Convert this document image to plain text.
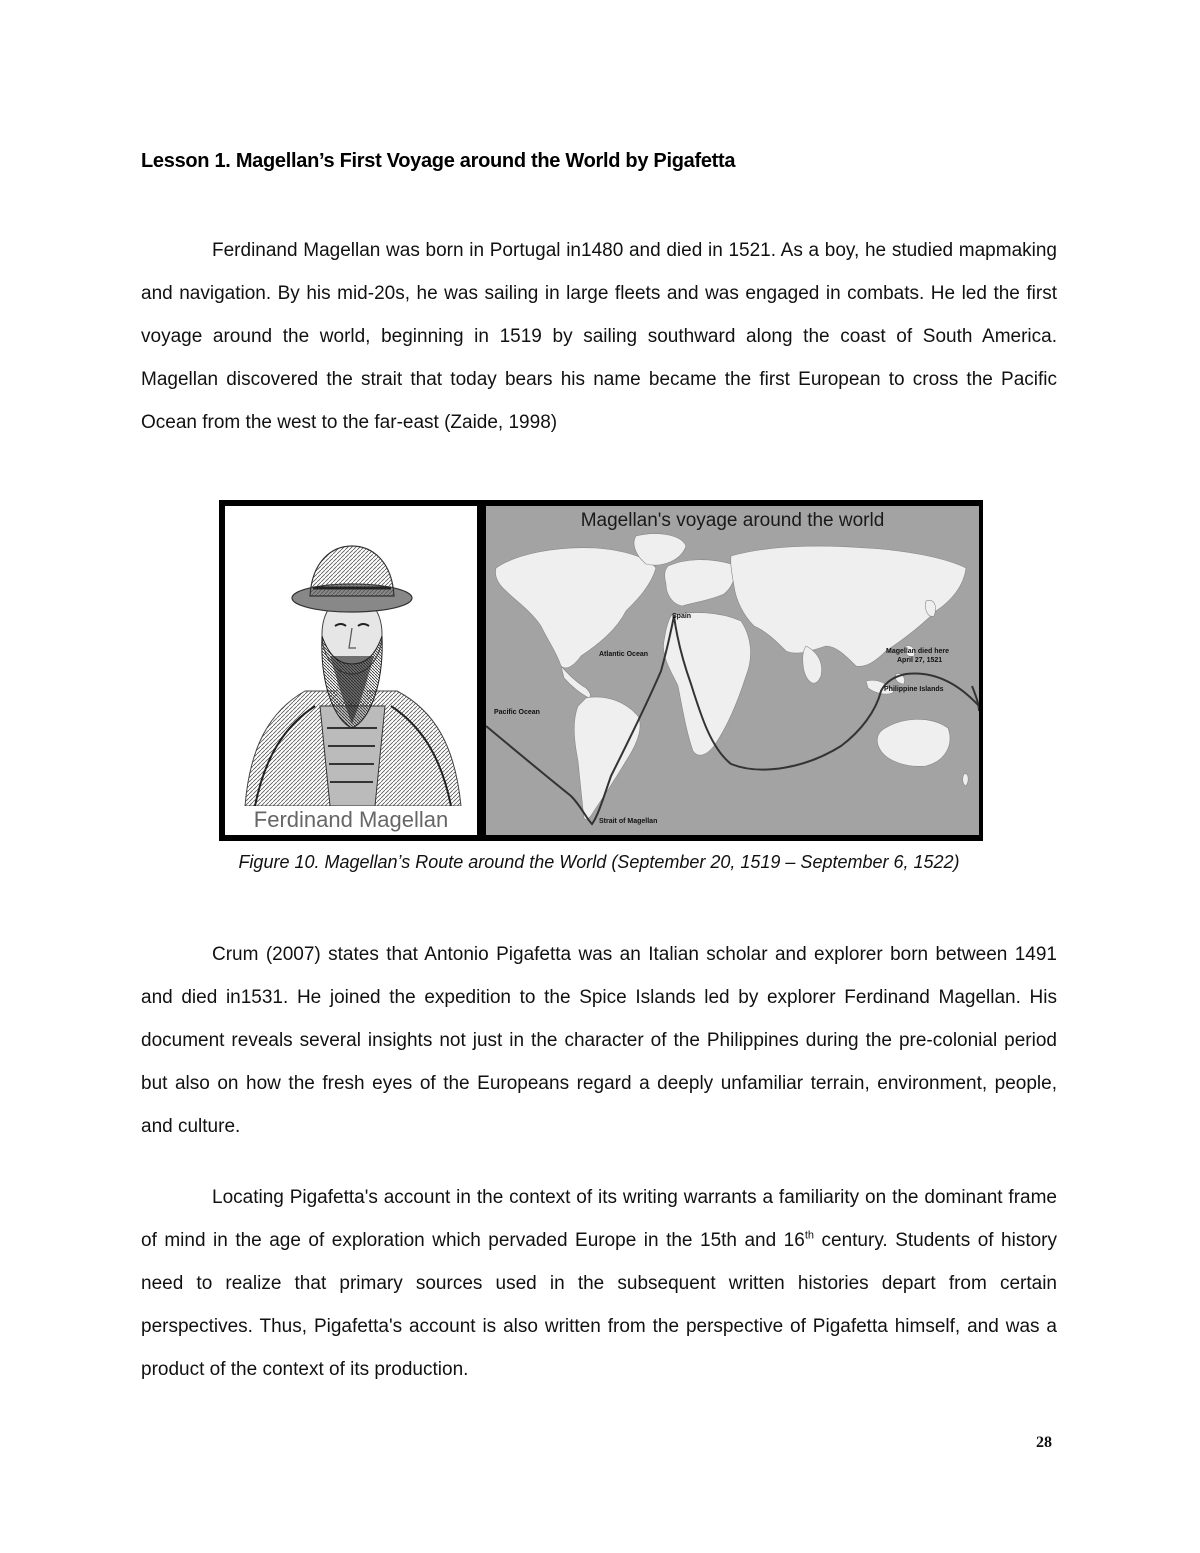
Lesson 1. Magellan’s First Voyage around the World by Pigafetta

Ferdinand Magellan was born in Portugal in1480 and died in 1521. As a boy, he studied mapmaking and navigation. By his mid-20s, he was sailing in large fleets and was engaged in combats. He led the first voyage around the world, beginning in 1519 by sailing southward along the coast of South America. Magellan discovered the strait that today bears his name became the first European to cross the Pacific Ocean from the west to the far-east (Zaide, 1998)

Ferdinand Magellan
Magellan's voyage around the world
Spain
Atlantic Ocean
Pacific Ocean
Magellan died here
April 27, 1521
Philippine Islands
Strait of Magellan
Figure 10. Magellan’s Route around the World (September 20, 1519 – September 6, 1522)

Crum (2007) states that Antonio Pigafetta was an Italian scholar and explorer born between 1491 and died in1531. He joined the expedition to the Spice Islands led by explorer Ferdinand Magellan. His document reveals several insights not just in the character of the Philippines during the pre-colonial period but also on how the fresh eyes of the Europeans regard a deeply unfamiliar terrain, environment, people, and culture.

Locating Pigafetta's account in the context of its writing warrants a familiarity on the dominant frame of mind in the age of exploration which pervaded Europe in the 15th and 16th century. Students of history need to realize that primary sources used in the subsequent written histories depart from certain perspectives. Thus, Pigafetta's account is also written from the perspective of Pigafetta himself, and was a product of the context of its production.

28
